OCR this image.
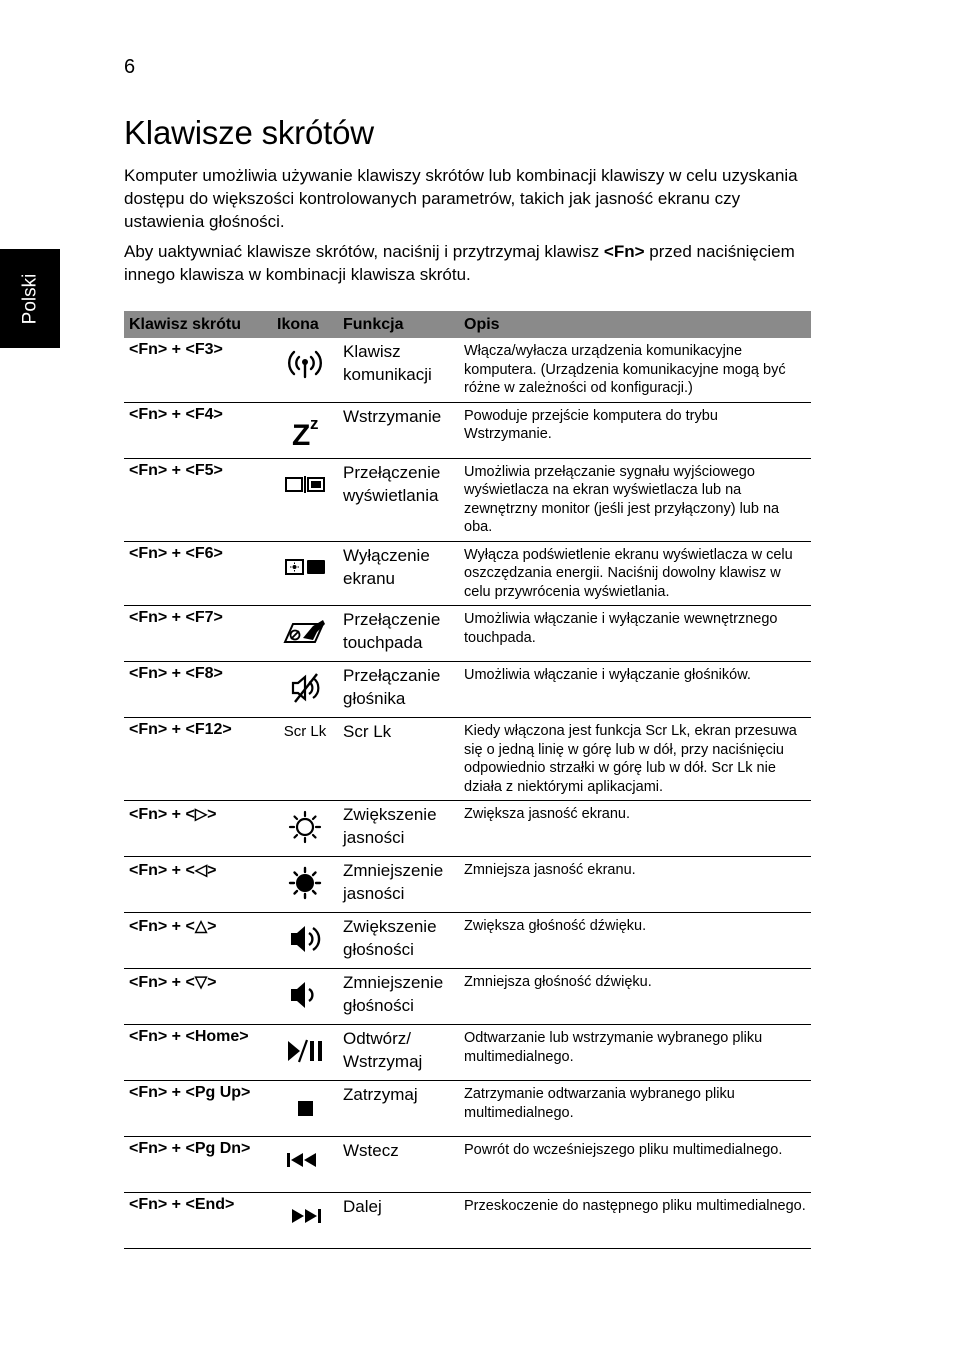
6
Polski
Klawisze skrótów

Komputer umożliwia używanie klawiszy skrótów lub kombinacji klawiszy w celu uzyskania dostępu do większości kontrolowanych parametrów, takich jak jasność ekranu czy ustawienia głośności.

Aby uaktywniać klawisze skrótów, naciśnij i przytrzymaj klawisz <Fn> przed naciśnięciem innego klawisza w kombinacji klawisza skrótu.

Klawisz skrótu	Ikona	Funkcja	Opis
<Fn> + <F3>		Klawisz komunikacji	Włącza/wyłacza urządzenia komunikacyjne komputera. (Urządzenia komunikacyjne mogą być różne w zależności od konfiguracji.)
<Fn> + <F4>	Z z	Wstrzymanie	Powoduje przejście komputera do trybu Wstrzymanie.
<Fn> + <F5>		Przełączenie wyświetlania	Umożliwia przełączanie sygnału wyjściowego wyświetlacza na ekran wyświetlacza lub na zewnętrzny monitor (jeśli jest przyłączony) lub na oba.
<Fn> + <F6>		Wyłączenie ekranu	Wyłącza podświetlenie ekranu wyświetlacza w celu oszczędzania energii. Naciśnij dowolny klawisz w celu przywrócenia wyświetlania.
<Fn> + <F7>		Przełączenie touchpada	Umożliwia włączanie i wyłączanie wewnętrznego touchpada.
<Fn> + <F8>		Przełączanie głośnika	Umożliwia włączanie i wyłączanie głośników.
<Fn> + <F12>	Scr Lk	Scr Lk	Kiedy włączona jest funkcja Scr Lk, ekran przesuwa się o jedną linię w górę lub w dół, przy naciśnięciu odpowiednio strzałki w górę lub w dół. Scr Lk nie działa z niektórymi aplikacjami.
<Fn> + <▷>		Zwiększenie jasności	Zwiększa jasność ekranu.
<Fn> + <◁>		Zmniejszenie jasności	Zmniejsza jasność ekranu.
<Fn> + <△>		Zwiększenie głośności	Zwiększa głośność dźwięku.
<Fn> + <▽>		Zmniejszenie głośności	Zmniejsza głośność dźwięku.
<Fn> + <Home>		Odtwórz/ Wstrzymaj	Odtwarzanie lub wstrzymanie wybranego pliku multimedialnego.
<Fn> + <Pg Up>		Zatrzymaj	Zatrzymanie odtwarzania wybranego pliku multimedialnego.
<Fn> + <Pg Dn>		Wstecz	Powrót do wcześniejszego pliku multimedialnego.
<Fn> + <End>		Dalej	Przeskoczenie do następnego pliku multimedialnego.
